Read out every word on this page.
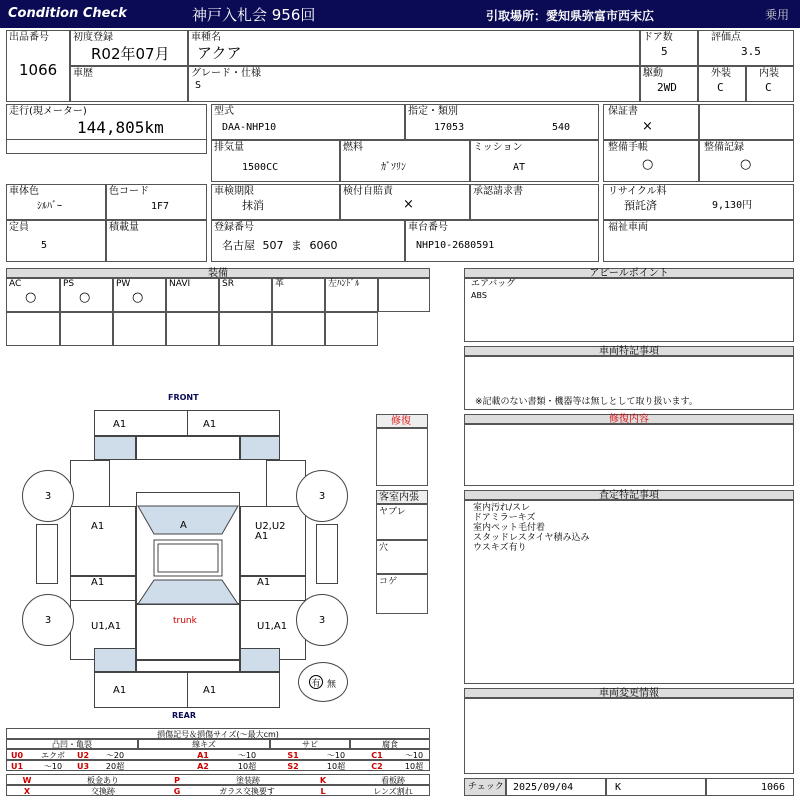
Condition Check	神戸入札会 956回	引取場所：愛知県弥富市西末広	乗用
出品番号
1066
初度登録
R02年07月
車種名
アクア
ドア数
5
評価点
3.5
車歴	グレード・仕様
S
駆動
2WD
外装
C
内装
C
走行(現メーター)
144,805km
型式
DAA-NHP10
指定・類別
17053	540
保証書
×
排気量
1500CC
燃料
ｶﾞｿﾘﾝ
ミッション
AT
整備手帳
○
整備記録
○
車体色
ｼﾙﾊﾞｰ
色コード
1F7
車検期限
抹消
検付自賠責
×
承認請求書	リサイクル料
預託済	9,130円
定員
5
積載量	登録番号
名古屋 507 ま 6060
車台番号
NHP10-2680591
福祉車両
装備
AC
○
PS
○
PW
○
NAVI	SR	革	左ﾊﾝﾄﾞﾙ
アピールポイント
エアバッグ
ABS
車両特記事項
※記載のない書類・機器等は無しとして取り扱います。
修復内容
査定特記事項
室内汚れ/スレ
ドアミラーキズ
室内ペット毛付着
スタッドレスタイヤ積み込み
ウスキズ有り
車両変更情報
チェック 2025/09/04	K	1066
修復
客室内張
ヤブレ
穴
コゲ
FRONT
REAR
A1	A1
A1	U2,U2
A1
A
A1	A1
trunk
U1,A1	U1,A1
A1	A1
3	3
3	3
有 無
損傷記号＆損傷サイズ(〜最大cm)
凸凹・亀裂	線キズ	サビ	腐食
U0	エクボ	U2	〜20	A1	〜10	S1	〜10	C1	〜10
U1	〜10	U3	20超	A2	10超	S2	10超	C2	10超
W	板金あり	P	塗装跡	K	看板跡
X	交換跡	G	ガラス交換要す	L	レンズ割れ
